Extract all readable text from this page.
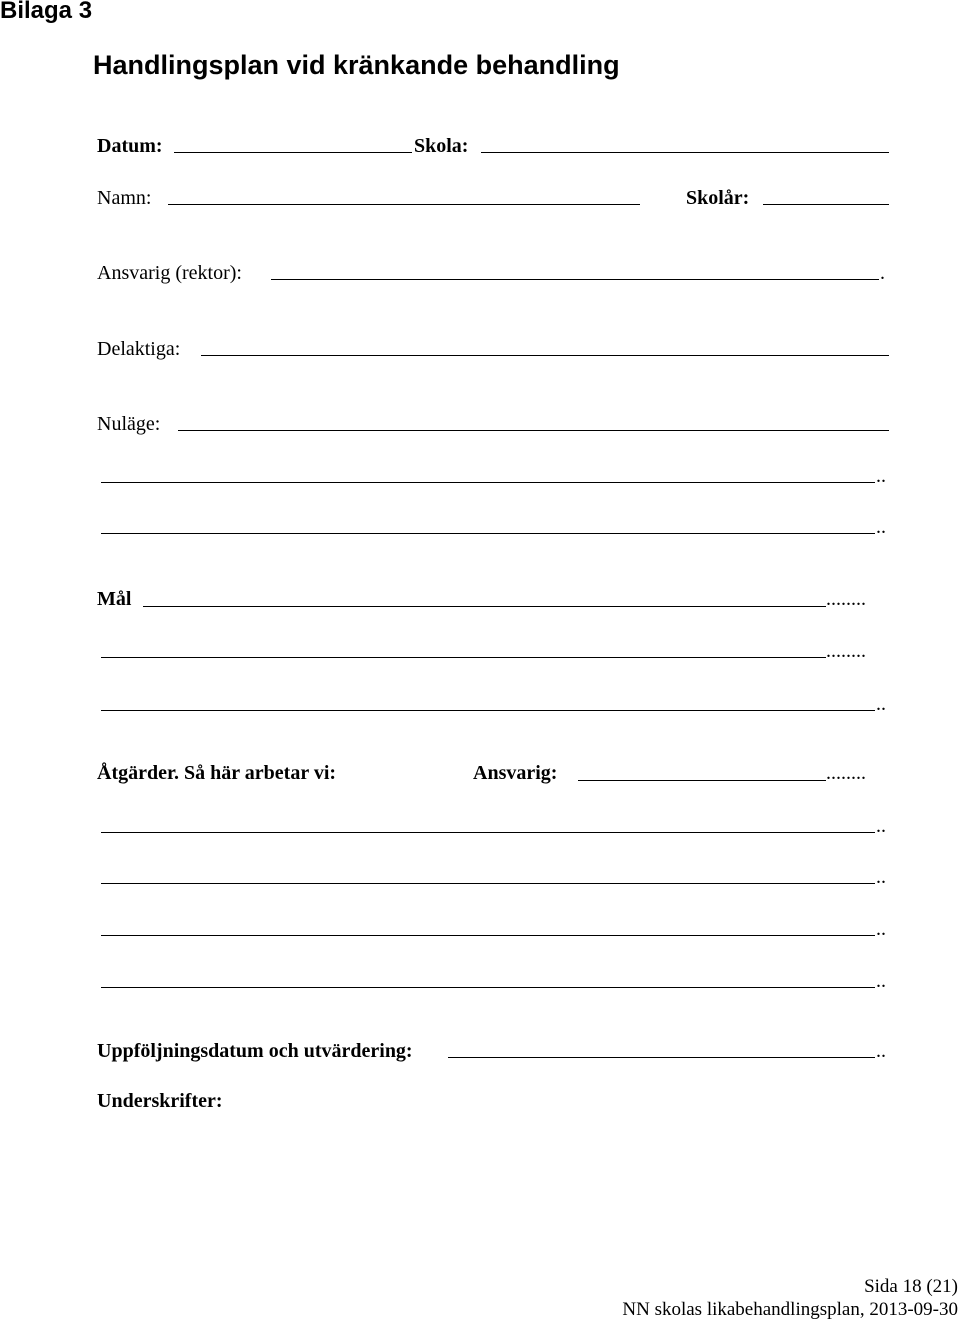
Bilaga 3
Handlingsplan vid kränkande behandling
Datum:	Skola:
Namn:	Skolår:
Ansvarig (rektor):	.
Delaktiga:
Nuläge:
..
..
Mål	........
........
..
Åtgärder. Så här arbetar vi:	Ansvarig:	........
..
..
..
..
Uppföljningsdatum och utvärdering:	..
Underskrifter:
Sida 18 (21)
NN skolas likabehandlingsplan, 2013-09-30
